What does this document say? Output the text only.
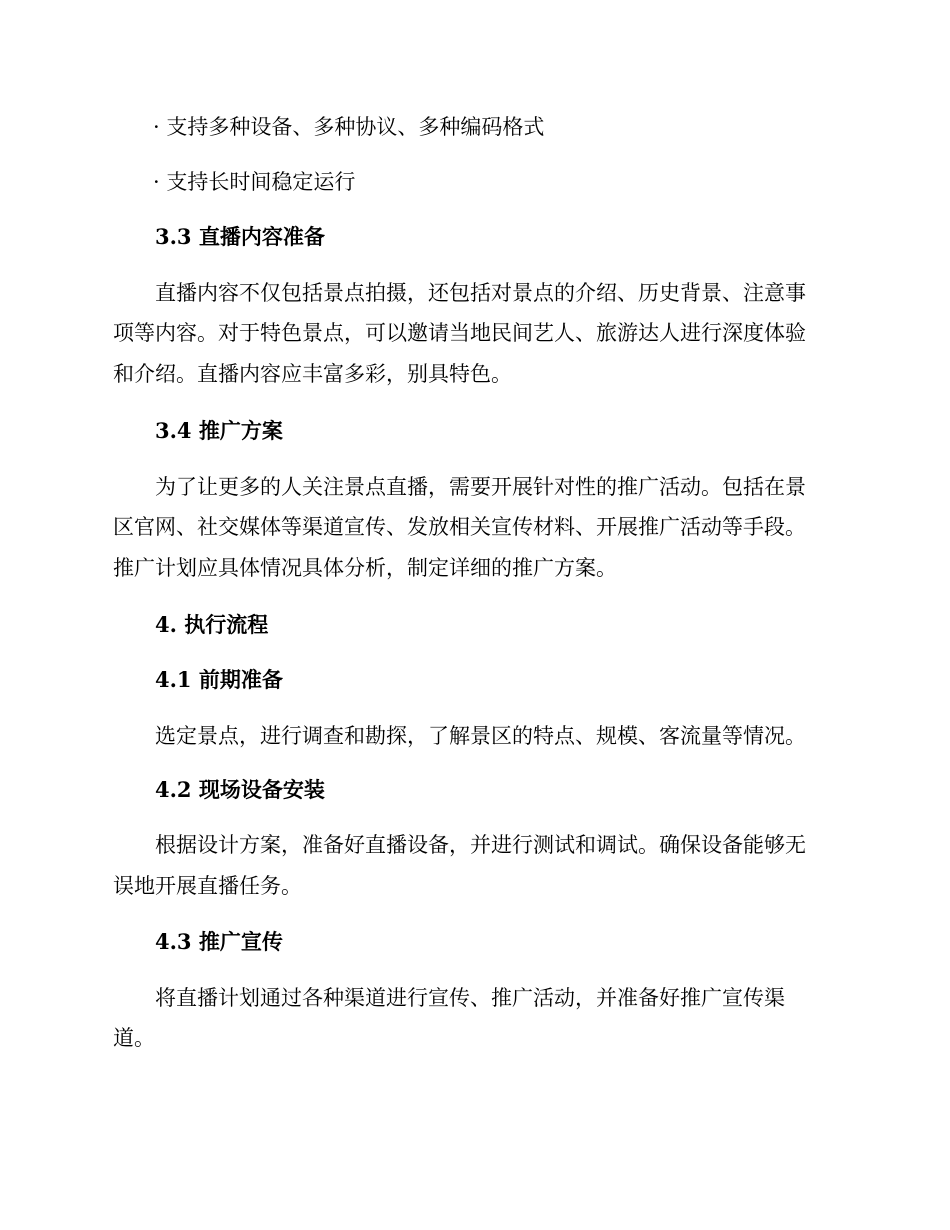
· 支持多种设备、多种协议、多种编码格式
· 支持长时间稳定运行
3.3 直播内容准备
直播内容不仅包括景点拍摄，还包括对景点的介绍、历史背景、注意事
项等内容。对于特色景点，可以邀请当地民间艺人、旅游达人进行深度体验
和介绍。直播内容应丰富多彩，别具特色。
3.4 推广方案
为了让更多的人关注景点直播，需要开展针对性的推广活动。包括在景
区官网、社交媒体等渠道宣传、发放相关宣传材料、开展推广活动等手段。
推广计划应具体情况具体分析，制定详细的推广方案。
4. 执行流程
4.1 前期准备
选定景点，进行调查和勘探，了解景区的特点、规模、客流量等情况。
4.2 现场设备安装
根据设计方案，准备好直播设备，并进行测试和调试。确保设备能够无
误地开展直播任务。
4.3 推广宣传
将直播计划通过各种渠道进行宣传、推广活动，并准备好推广宣传渠
道。
